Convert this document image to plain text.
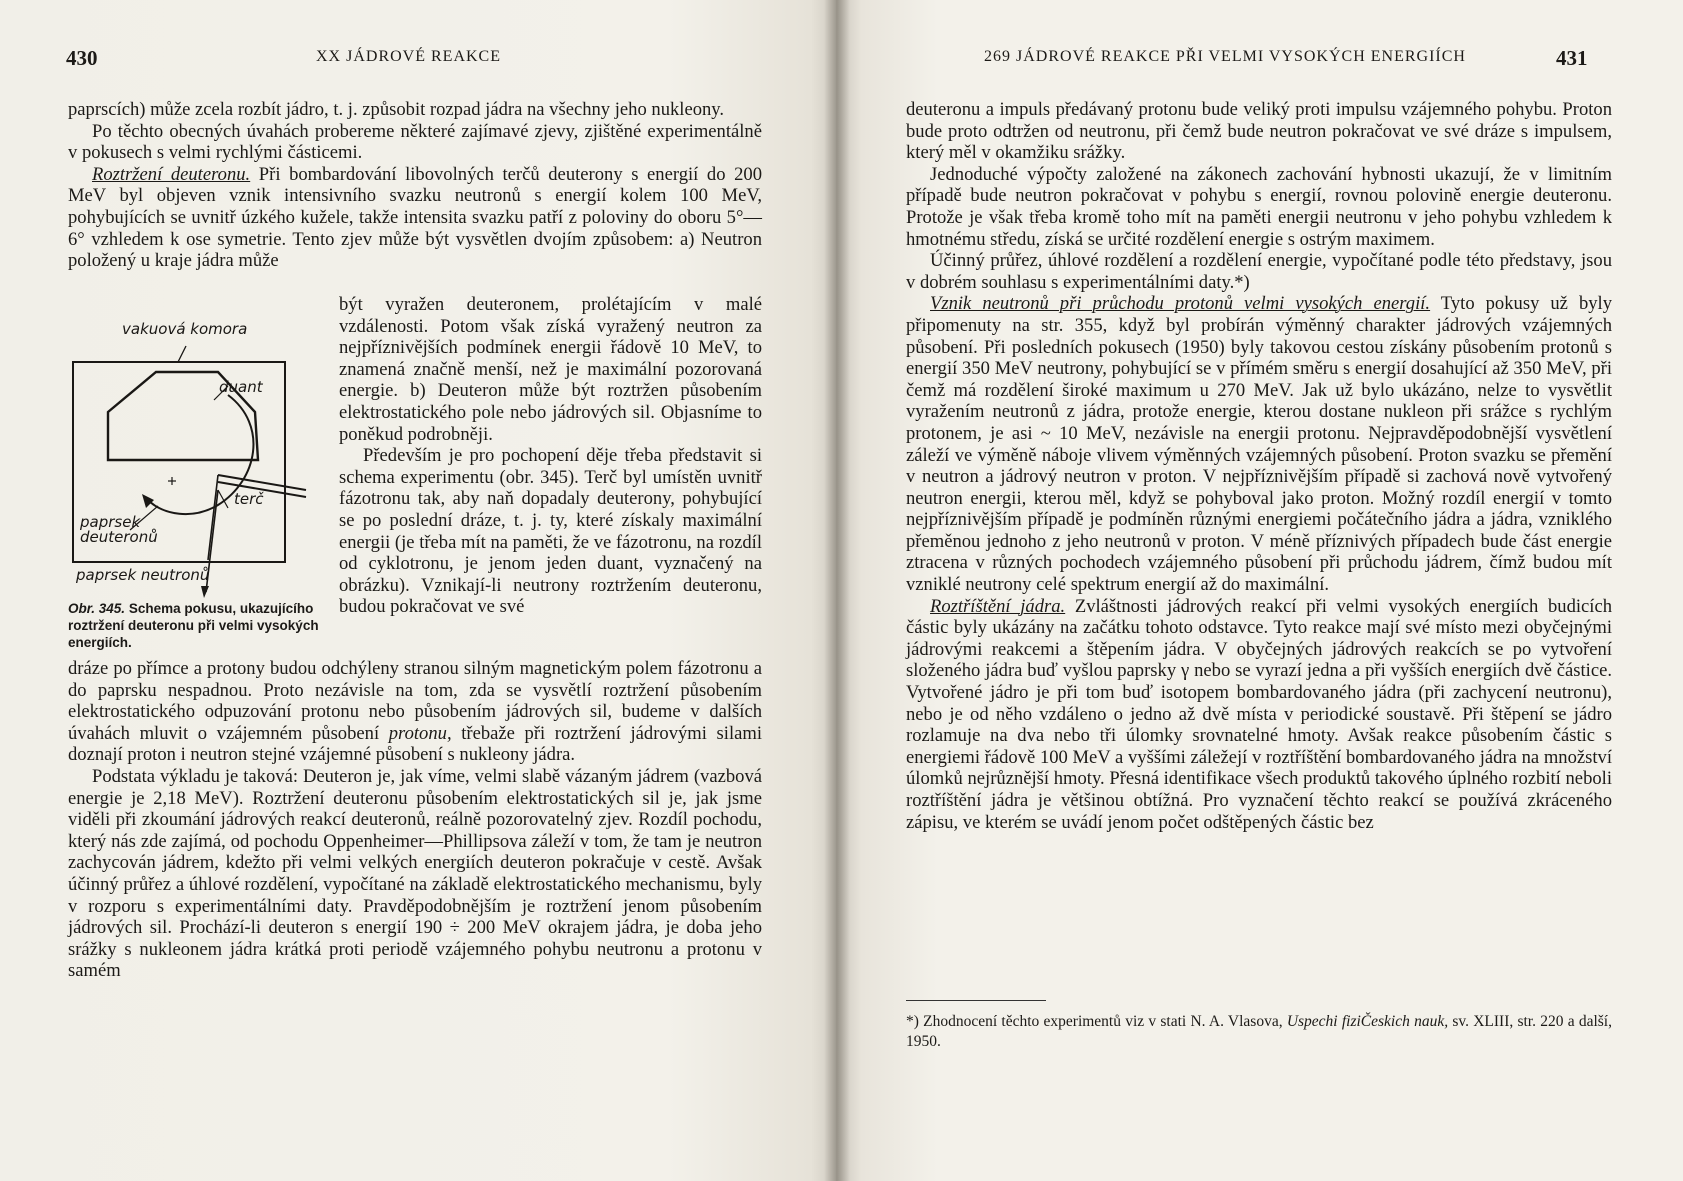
430	XX JÁDROVÉ REAKCE

paprscích) může zcela rozbít jádro, t. j. způsobit rozpad jádra na všechny jeho nukleony.

Po těchto obecných úvahách probereme některé zajímavé zjevy, zjištěné experimentálně v pokusech s velmi rychlými částicemi.

Roztržení deuteronu. Při bombardování libovolných terčů deuterony s energií do 200 MeV byl objeven vznik intensivního svazku neutronů s energií kolem 100 MeV, pohybujících se uvnitř úzkého kužele, takže intensita svazku patří z poloviny do oboru 5°—6° vzhledem k ose symetrie. Tento zjev může být vysvětlen dvojím způsobem: a) Neutron položený u kraje jádra může

být vyražen deuteronem, prolétajícím v malé vzdálenosti. Potom však získá vyražený neutron za nejpříznivějších podmínek energii řádově 10 MeV, to znamená značně menší, než je maximální pozorovaná energie. b) Deuteron může být roztržen působením elektrostatického pole nebo jádrových sil. Objasníme to poněkud podrobněji.

Především je pro pochopení děje třeba představit si schema experimentu (obr. 345). Terč byl umístěn uvnitř fázotronu tak, aby naň dopadaly deuterony, pohybující se po poslední dráze, t. j. ty, které získaly maximální energii (je třeba mít na paměti, že ve fázotronu, na rozdíl od cyklotronu, je jenom jeden duant, vyznačený na obrázku). Vznikají-li neutrony roztržením deuteronu, budou pokračovat ve své

vakuová komora
duant
terč
paprsek
deuteronů
paprsek neutronů
Obr. 345. Schema pokusu, ukazujícího roztržení deuteronu při velmi vysokých energiích.

dráze po přímce a protony budou odchýleny stranou silným magnetickým polem fázotronu a do paprsku nespadnou. Proto nezávisle na tom, zda se vysvětlí roztržení působením elektrostatického odpuzování protonu nebo působením jádrových sil, budeme v dalších úvahách mluvit o vzájemném působení protonu, třebaže při roztržení jádrovými silami doznají proton i neutron stejné vzájemné působení s nukleony jádra.

Podstata výkladu je taková: Deuteron je, jak víme, velmi slabě vázaným jádrem (vazbová energie je 2,18 MeV). Roztržení deuteronu působením elektrostatických sil je, jak jsme viděli při zkoumání jádrových reakcí deuteronů, reálně pozorovatelný zjev. Rozdíl pochodu, který nás zde zajímá, od pochodu Oppenheimer—Phillipsova záleží v tom, že tam je neutron zachycován jádrem, kdežto při velmi velkých energiích deuteron pokračuje v cestě. Avšak účinný průřez a úhlové rozdělení, vypočítané na základě elektrostatického mechanismu, byly v rozporu s experimentálními daty. Pravděpodobnějším je roztržení jenom působením jádrových sil. Prochází-li deuteron s energií 190 ÷ 200 MeV okrajem jádra, je doba jeho srážky s nukleonem jádra krátká proti periodě vzájemného pohybu neutronu a protonu v samém

269 JÁDROVÉ REAKCE PŘI VELMI VYSOKÝCH ENERGIÍCH	431

deuteronu a impuls předávaný protonu bude veliký proti impulsu vzájemného pohybu. Proton bude proto odtržen od neutronu, při čemž bude neutron pokračovat ve své dráze s impulsem, který měl v okamžiku srážky.

Jednoduché výpočty založené na zákonech zachování hybnosti ukazují, že v limitním případě bude neutron pokračovat v pohybu s energií, rovnou polovině energie deuteronu. Protože je však třeba kromě toho mít na paměti energii neutronu v jeho pohybu vzhledem k hmotnému středu, získá se určité rozdělení energie s ostrým maximem.

Účinný průřez, úhlové rozdělení a rozdělení energie, vypočítané podle této představy, jsou v dobrém souhlasu s experimentálními daty.*)

Vznik neutronů při průchodu protonů velmi vysokých energií. Tyto pokusy už byly připomenuty na str. 355, když byl probírán výměnný charakter jádrových vzájemných působení. Při posledních pokusech (1950) byly takovou cestou získány působením protonů s energií 350 MeV neutrony, pohybující se v přímém směru s energií dosahující až 350 MeV, při čemž má rozdělení široké maximum u 270 MeV. Jak už bylo ukázáno, nelze to vysvětlit vyražením neutronů z jádra, protože energie, kterou dostane nukleon při srážce s rychlým protonem, je asi ~ 10 MeV, nezávisle na energii protonu. Nejpravděpodobnější vysvětlení záleží ve výměně náboje vlivem výměnných vzájemných působení. Proton svazku se přemění v neutron a jádrový neutron v proton. V nejpříznivějším případě si zachová nově vytvořený neutron energii, kterou měl, když se pohyboval jako proton. Možný rozdíl energií v tomto nejpříznivějším případě je podmíněn různými energiemi počátečního jádra a jádra, vzniklého přeměnou jednoho z jeho neutronů v proton. V méně příznivých případech bude část energie ztracena v různých pochodech vzájemného působení při průchodu jádrem, čímž budou mít vzniklé neutrony celé spektrum energií až do maximální.

Roztříštění jádra. Zvláštnosti jádrových reakcí při velmi vysokých energiích budicích částic byly ukázány na začátku tohoto odstavce. Tyto reakce mají své místo mezi obyčejnými jádrovými reakcemi a štěpením jádra. V obyčejných jádrových reakcích se po vytvoření složeného jádra buď vyšlou paprsky γ nebo se vyrazí jedna a při vyšších energiích dvě částice. Vytvořené jádro je při tom buď isotopem bombardovaného jádra (při zachycení neutronu), nebo je od něho vzdáleno o jedno až dvě místa v periodické soustavě. Při štěpení se jádro rozlamuje na dva nebo tři úlomky srovnatelné hmoty. Avšak reakce působením částic s energiemi řádově 100 MeV a vyššími záležejí v roztříštění bombardovaného jádra na množství úlomků nejrůznější hmoty. Přesná identifikace všech produktů takového úplného rozbití neboli roztříštění jádra je většinou obtížná. Pro vyznačení těchto reakcí se používá zkráceného zápisu, ve kterém se uvádí jenom počet odštěpených částic bez

*) Zhodnocení těchto experimentů viz v stati N. A. Vlasova, Uspechi fiziČeskich nauk, sv. XLIII, str. 220 a další, 1950.
